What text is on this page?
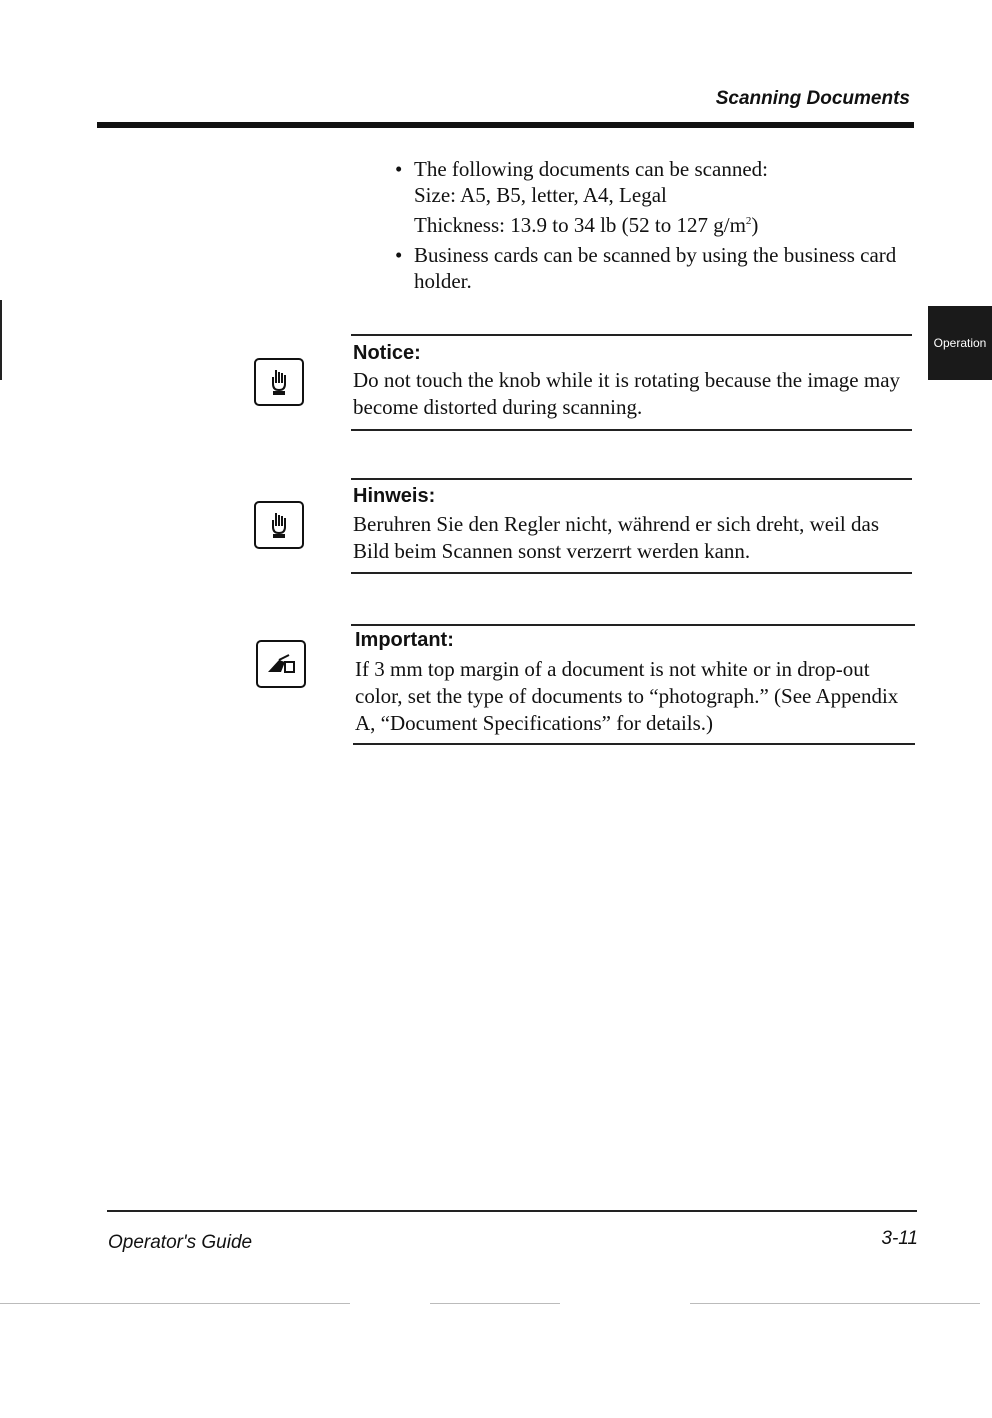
Scanning Documents
Operation
• The following documents can be scanned:
Size: A5, B5, letter, A4, Legal
Thickness: 13.9 to 34 lb (52 to 127 $g/m^2$)
• Business cards can be scanned by using the business card holder.
Notice:
Do not touch the knob while it is rotating because the image may become distorted during scanning.
Hinweis:
Beruhren Sie den Regler nicht, während er sich dreht, weil das Bild beim Scannen sonst verzerrt werden kann.
Important:
If 3 mm top margin of a document is not white or in drop-out color, set the type of documents to “photograph.” (See Appendix A, “Document Specifications” for details.)
Operator's Guide	3-11
